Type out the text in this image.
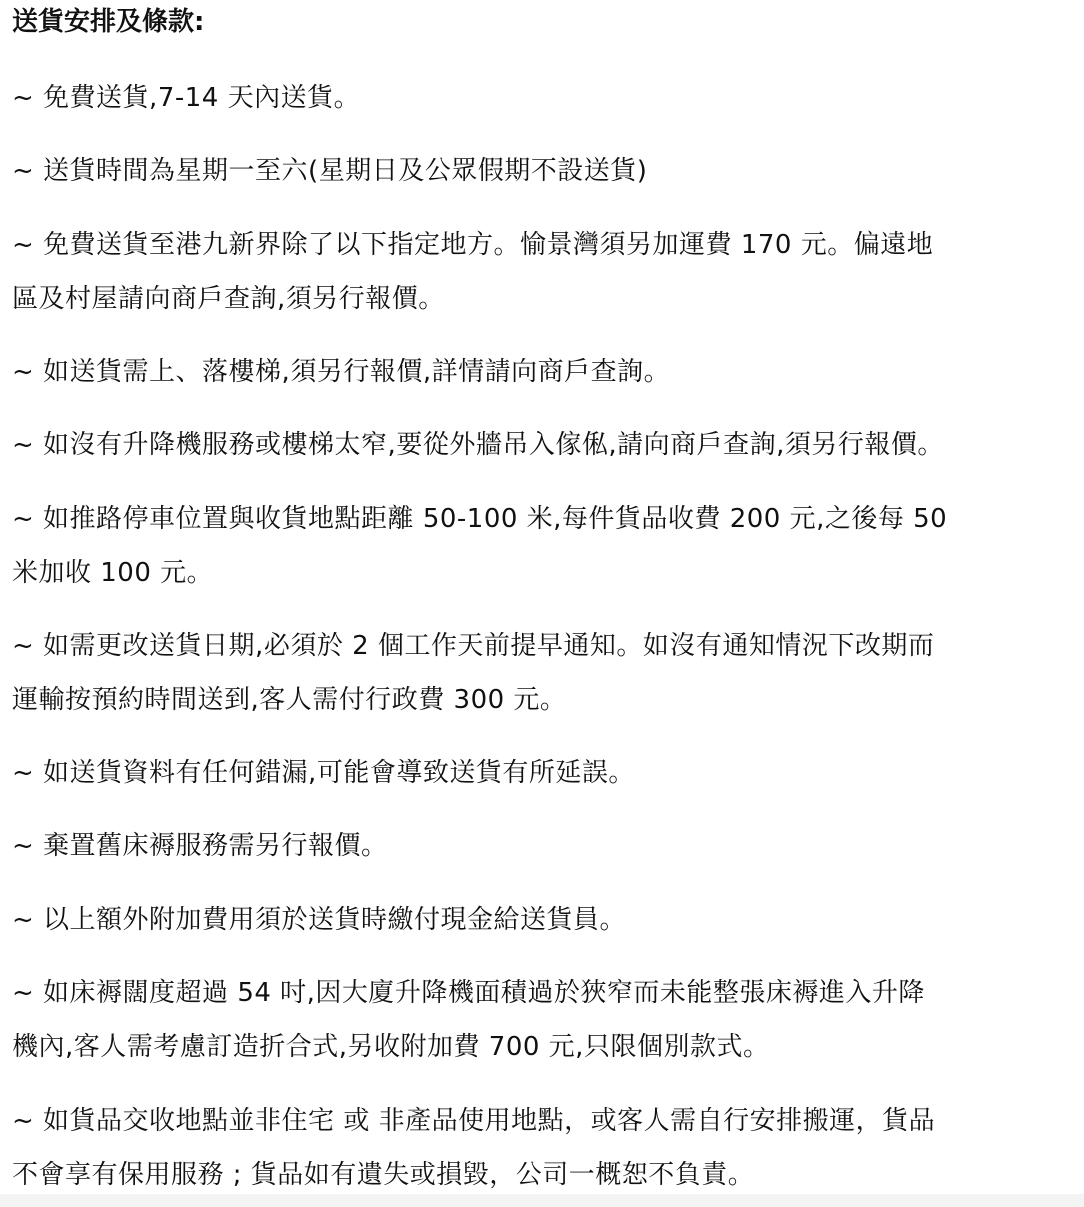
送貨安排及條款:
~ 免費送貨,7-14 天內送貨。
~ 送貨時間為星期一至六(星期日及公眾假期不設送貨)
~ 免費送貨至港九新界除了以下指定地方。愉景灣須另加運費 170 元。偏遠地
區及村屋請向商戶查詢,須另行報價。
~ 如送貨需上、落樓梯,須另行報價,詳情請向商戶查詢。
~ 如沒有升降機服務或樓梯太窄,要從外牆吊入傢俬,請向商戶查詢,須另行報價。
~ 如推路停車位置與收貨地點距離 50-100 米,每件貨品收費 200 元,之後每 50
米加收 100 元。
~ 如需更改送貨日期,必須於 2 個工作天前提早通知。如沒有通知情況下改期而
運輸按預約時間送到,客人需付行政費 300 元。
~ 如送貨資料有任何錯漏,可能會導致送貨有所延誤。
~ 棄置舊床褥服務需另行報價。
~ 以上額外附加費用須於送貨時繳付現金給送貨員。
~ 如床褥闊度超過 54 吋,因大廈升降機面積過於狹窄而未能整張床褥進入升降
機內,客人需考慮訂造折合式,另收附加費 700 元,只限個別款式。
~ 如貨品交收地點並非住宅 或 非產品使用地點，或客人需自行安排搬運，貨品
不會享有保用服務 ; 貨品如有遺失或損毀，公司一概恕不負責。
